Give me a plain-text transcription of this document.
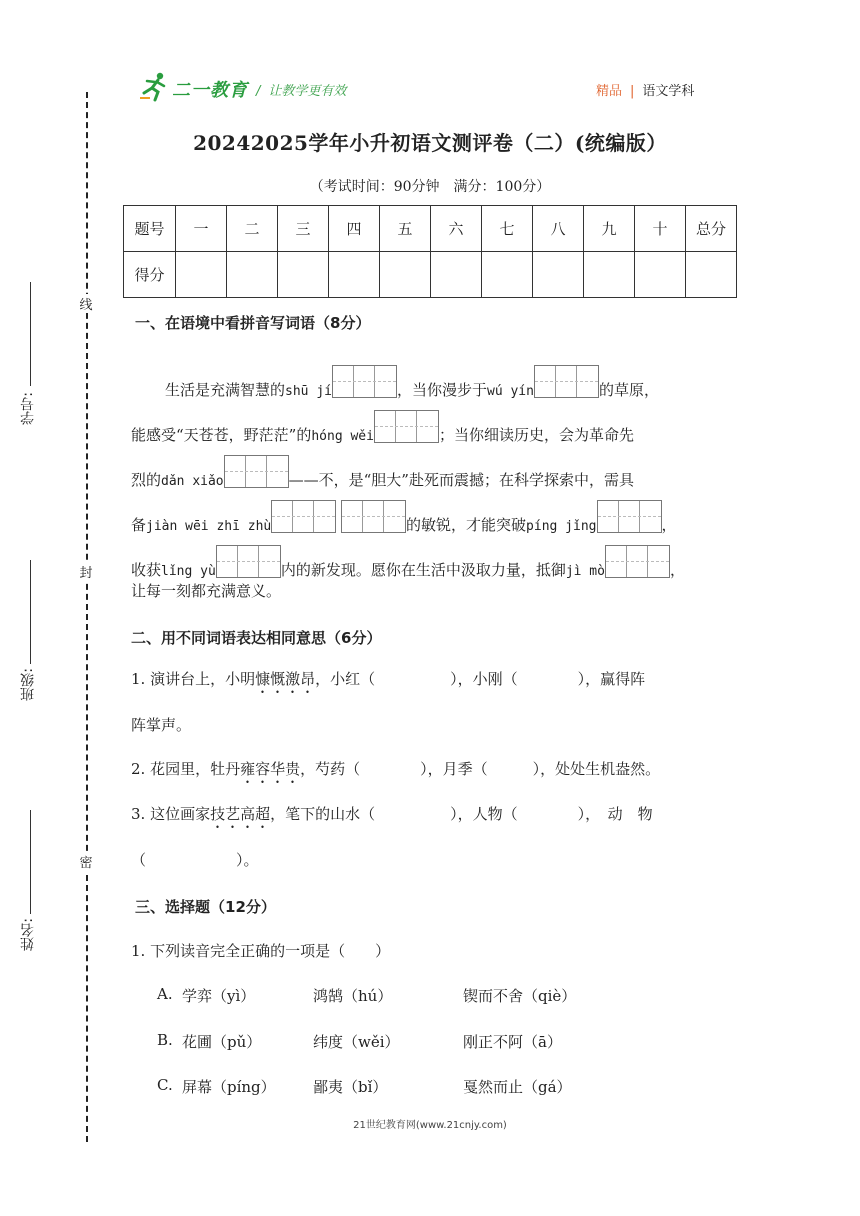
二一教育 / 让教学更有效	精品 | 语文学科
20242025学年小升初语文测评卷（二）(统编版）
（考试时间：90分钟　满分：100分）
题号	一	二	三	四	五	六	七	八	九	十	总分
得分											
线
封
密
学号:
班级:
姓名:
一、在语境中看拼音写词语（8分）
生活是充满智慧的shū jí	，当你漫步于wú yín	的草原，
能感受“天苍苍，野茫茫”的hóng wěi	；当你细读历史，会为革命先
烈的dǎn xiǎo	——不，是“胆大”赴死而震撼；在科学探索中，需具
备jiàn wēi zhī zhù	的敏锐，才能突破píng jǐng	，
收获lǐng yù	内的新发现。愿你在生活中汲取力量，抵御jì mò	，
让每一刻都充满意义。
二、用不同词语表达相同意思（6分）
1. 演讲台上，小明慷慨激昂，小红（　　　　　），小刚（　　　　），赢得阵
阵掌声。
2. 花园里，牡丹雍容华贵，芍药（　　　　），月季（　　　），处处生机盎然。
3. 这位画家技艺高超，笔下的山水（　　　　　），人物（　　　　），　动　物
（　　　　　　）。
三、选择题（12分）
1. 下列读音完全正确的一项是（　　）
A. 学弈（yì）	鸿鹄（hú）	锲而不舍（qiè）
B. 花圃（pǔ）	纬度（wěi）	刚正不阿（ā）
C. 屏幕（píng） 鄙夷（bǐ）	戛然而止（gá）
21世纪教育网(www.21cnjy.com)
